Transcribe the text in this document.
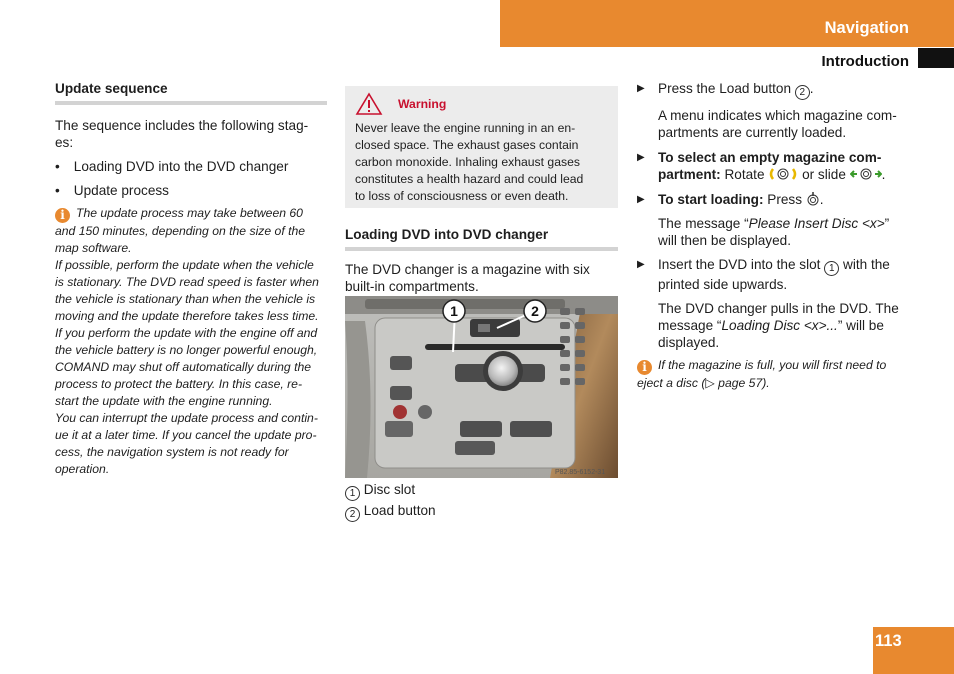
Navigation
Introduction
Update sequence

The sequence includes the following stag-

es:

• Loading DVD into the DVD changer
• Update process
i The update process may take between 60
and 150 minutes, depending on the size of the
map software.
If possible, perform the update when the vehicle
is stationary. The DVD read speed is faster when
the vehicle is stationary than when the vehicle is
moving and the update therefore takes less time.
If you perform the update with the engine off and
the vehicle battery is no longer powerful enough,
COMAND may shut off automatically during the
process to protect the battery. In this case, re-
start the update with the engine running.
You can interrupt the update process and contin-
ue it at a later time. If you cancel the update pro-
cess, the navigation system is not ready for
operation.
Warning
Never leave the engine running in an en-
closed space. The exhaust gases contain
carbon monoxide. Inhaling exhaust gases
constitutes a health hazard and could lead
to loss of consciousness or even death.
Loading DVD into DVD changer

The DVD changer is a magazine with six

built-in compartments.

1	2
P82.85-6152-31
1 Disc slot
2 Load button
▶ Press the Load button 2 .
A menu indicates which magazine com-
partments are currently loaded.
▶ To select an empty magazine com-
partment: Rotate  or slide .
▶ To start loading: Press .
The message “Please Insert Disc <x>”
will then be displayed.
▶ Insert the DVD into the slot 1 with the
printed side upwards.
The DVD changer pulls in the DVD. The
message “Loading Disc <x>...” will be
displayed.
i If the magazine is full, you will first need to
eject a disc (▷ page 57).
113
